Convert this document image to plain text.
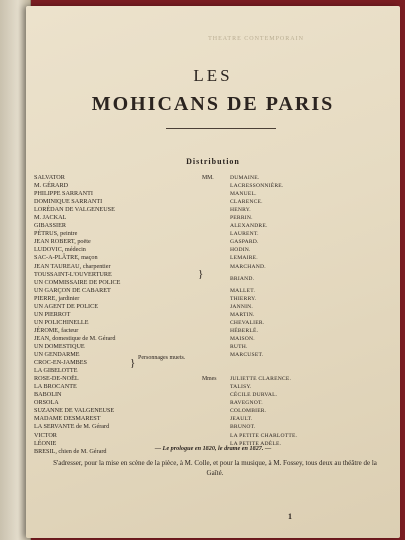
THEATRE CONTEMPORAIN
LES
MOHICANS DE PARIS
Distribution
SALVATOR	MM.	DUMAINE.
M. GÉRARD	LACRESSONNIÈRE.
PHILIPPE SARRANTI	MANUEL.
DOMINIQUE SARRANTI	CLARENCE.
LORÉDAN DE VALGENEUSE	HENRY.
M. JACKAL	PERRIN.
GIBASSIER	ALEXANDRE.
PÉTRUS, peintre	LAURENT.
JEAN ROBERT, poëte	GASPARD.
LUDOVIC, médecin	HODIN.
SAC-A-PLÂTRE, maçon	LEMAIRE.
JEAN TAUREAU, charpentier	MARCHAND.
TOUSSAINT-L'OUVERTURE	}	BRIAND.
UN COMMISSAIRE DE POLICE
UN GARÇON DE CABARET	MALLET.
PIERRE, jardinier	THIERRY.
UN AGENT DE POLICE	JANNIN.
UN PIERROT	MARTIN.
UN POLICHINELLE	CHEVALIER.
JÉROME, facteur	HÉBERLÉ.
JEAN, domestique de M. Gérard	MAISON.
UN DOMESTIQUE	RUTH.
UN GENDARME	MARCUSET.
CROC-EN-JAMBES	}
LA GIBELOTTE
ROSE-DE-NOËL	Mmes JULIETTE CLARENCE.
LA BROCANTE	TALISY.
BABOLIN	CÉCILE DURVAL.
ORSOLA	RAVEGNOT.
SUZANNE DE VALGENEUSE	COLOMBIER.
MADAME DESMAREST	JEAULT.
LA SERVANTE de M. Gérard	BRUNOT.
VICTOR	LA PETITE CHARLOTTE.
LÉONIE	LA PETITE ADÈLE.
BRESIL, chien de M. Gérard
Personnages muets.
— Le prologue en 1820, le drame en 1827. —
S'adresser, pour la mise en scène de la pièce, à M. Colle, et pour la musique, à M. Fossey, tous deux au théâtre de la Gaîté.
1
